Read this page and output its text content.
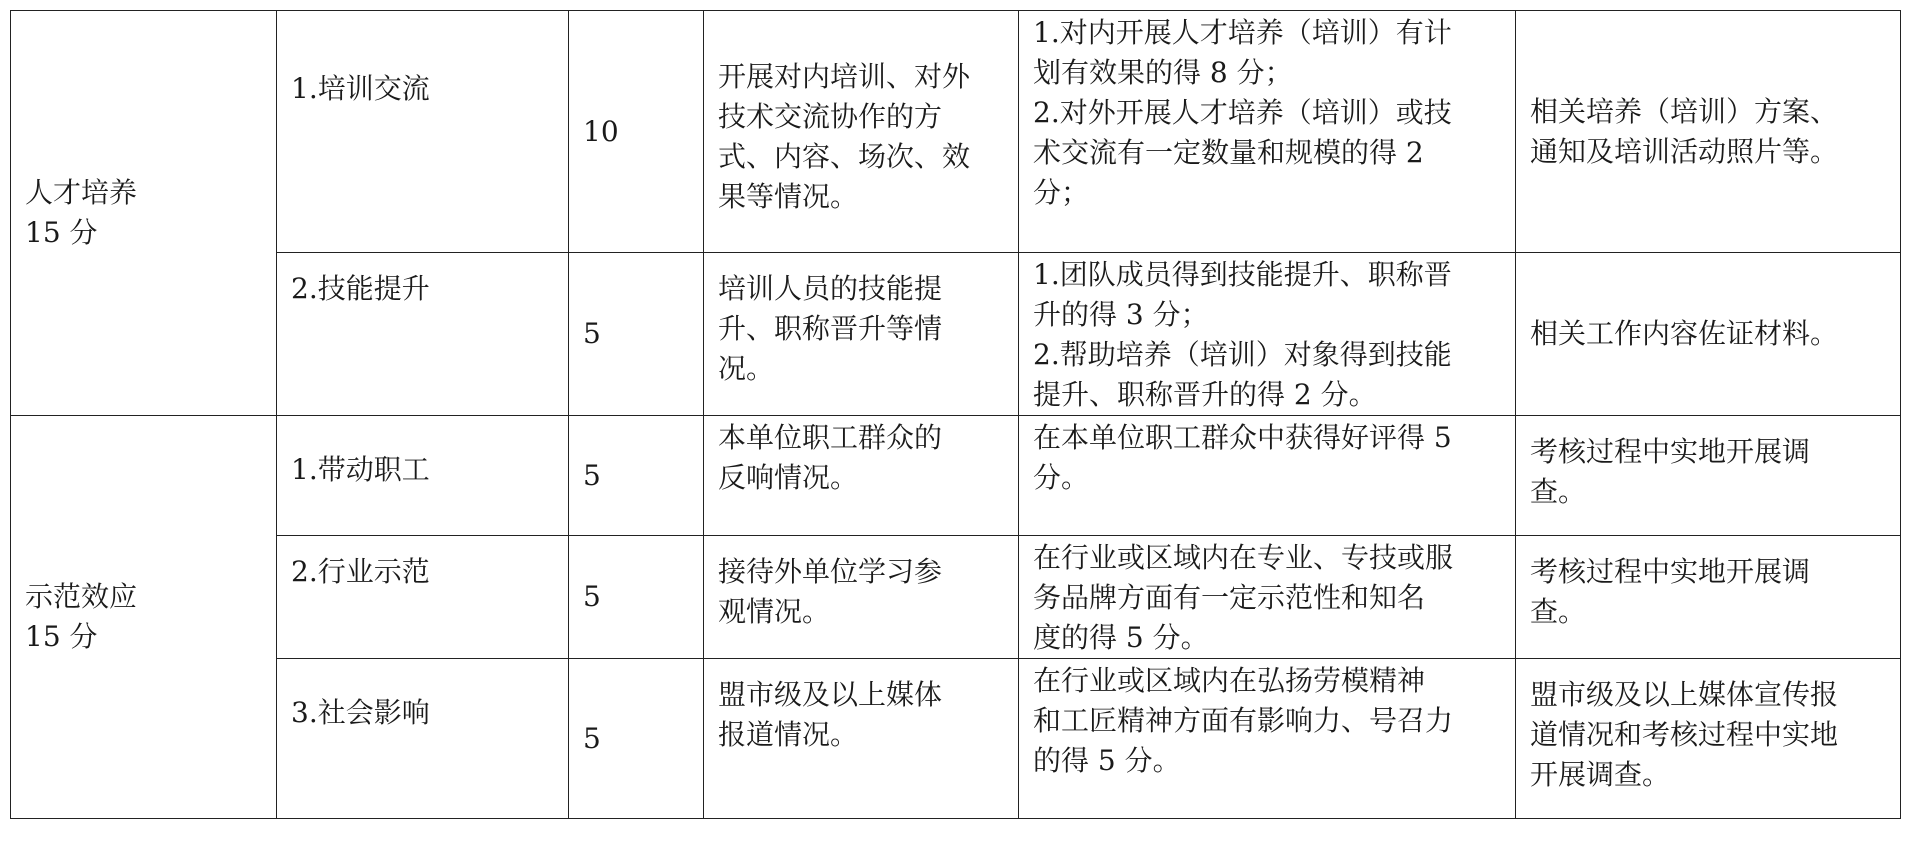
人才培养
15 分	1.培训交流	10	开展对内培训、对外
技术交流协作的方
式、内容、场次、效
果等情况。	1.对内开展人才培养（培训）有计
划有效果的得 8 分；
2.对外开展人才培养（培训）或技
术交流有一定数量和规模的得 2
分；	相关培养（培训）方案、
通知及培训活动照片等。

	2.技能提升	5	培训人员的技能提
升、职称晋升等情
况。	1.团队成员得到技能提升、职称晋
升的得 3 分；
2.帮助培养（培训）对象得到技能
提升、职称晋升的得 2 分。	相关工作内容佐证材料。

示范效应
15 分	1.带动职工	5	本单位职工群众的
反响情况。	在本单位职工群众中获得好评得 5
分。	考核过程中实地开展调
查。

	2.行业示范	5	接待外单位学习参
观情况。	在行业或区域内在专业、专技或服
务品牌方面有一定示范性和知名
度的得 5 分。	考核过程中实地开展调
查。

	3.社会影响	5	盟市级及以上媒体
报道情况。	在行业或区域内在弘扬劳模精神
和工匠精神方面有影响力、号召力
的得 5 分。	盟市级及以上媒体宣传报
道情况和考核过程中实地
开展调查。
